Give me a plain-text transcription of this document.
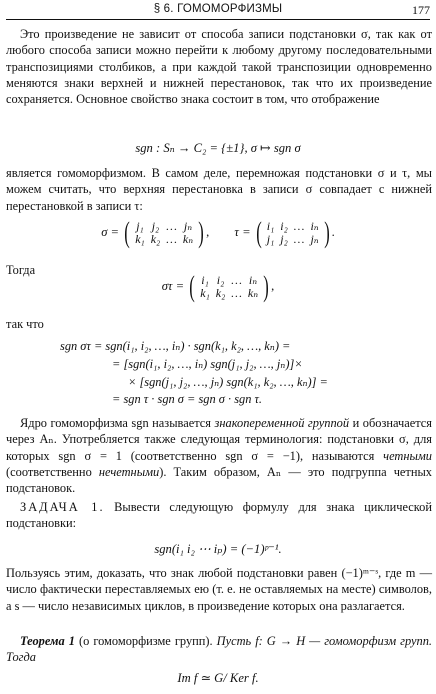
§ 6. ГОМОМОРФИЗМЫ	177

Это произведение не зависит от способа записи подстановки σ, так как от любого способа записи можно перейти к любому другому последовательными транспозициями столбиков, а при каждой такой транспозиции одновременно меняются знаки верхней и нижней перестановок, так что их произведение сохраняется. Основное свойство знака состоит в том, что отображение

sgn : Sₙ → C₂ = {±1}, σ ↦ sgn σ

является гомоморфизмом. В самом деле, перемножая подстановки σ и τ, мы можем считать, что верхняя перестановка в записи σ совпадает с нижней перестановкой в записи τ:

σ = ( j₁	j₂	…	jₙ
k₁	k₂	…	kₙ ) ,        τ = ( i₁	i₂	…	iₙ
j₁	j₂	…	jₙ ) .
Тогда
στ = ( i₁	i₂	…	iₙ
k₁	k₂	…	kₙ ) ,
так что
sgn στ = sgn(i₁, i₂, …, iₙ) · sgn(k₁, k₂, …, kₙ) =
= [sgn(i₁, i₂, …, iₙ) sgn(j₁, j₂, …, jₙ)]×
× [sgn(j₁, j₂, …, jₙ) sgn(k₁, k₂, …, kₙ)] =
= sgn τ · sgn σ = sgn σ · sgn τ.

Ядро гомоморфизма sgn называется знакопеременной группой и обозначается через Aₙ. Употребляется также следующая терминология: подстановки σ, для которых sgn σ = 1 (соответственно sgn σ = −1), называются четными (соответственно нечетными). Таким образом, Aₙ — это подгруппа четных подстановок.

ЗАДАЧА 1. Вывести следующую формулу для знака циклической подстановки:

sgn(i₁ i₂ ⋯ iₚ) = (−1)ᵖ⁻¹.

Пользуясь этим, доказать, что знак любой подстановки равен (−1)ᵐ⁻ˢ, где m — число фактически переставляемых ею (т. е. не оставляемых на месте) символов, а s — число независимых циклов, в произведение которых она разлагается.

Теорема 1 (о гомоморфизме групп). Пусть f: G → H — гомоморфизм групп. Тогда

Im f ≃ G/ Ker f.
